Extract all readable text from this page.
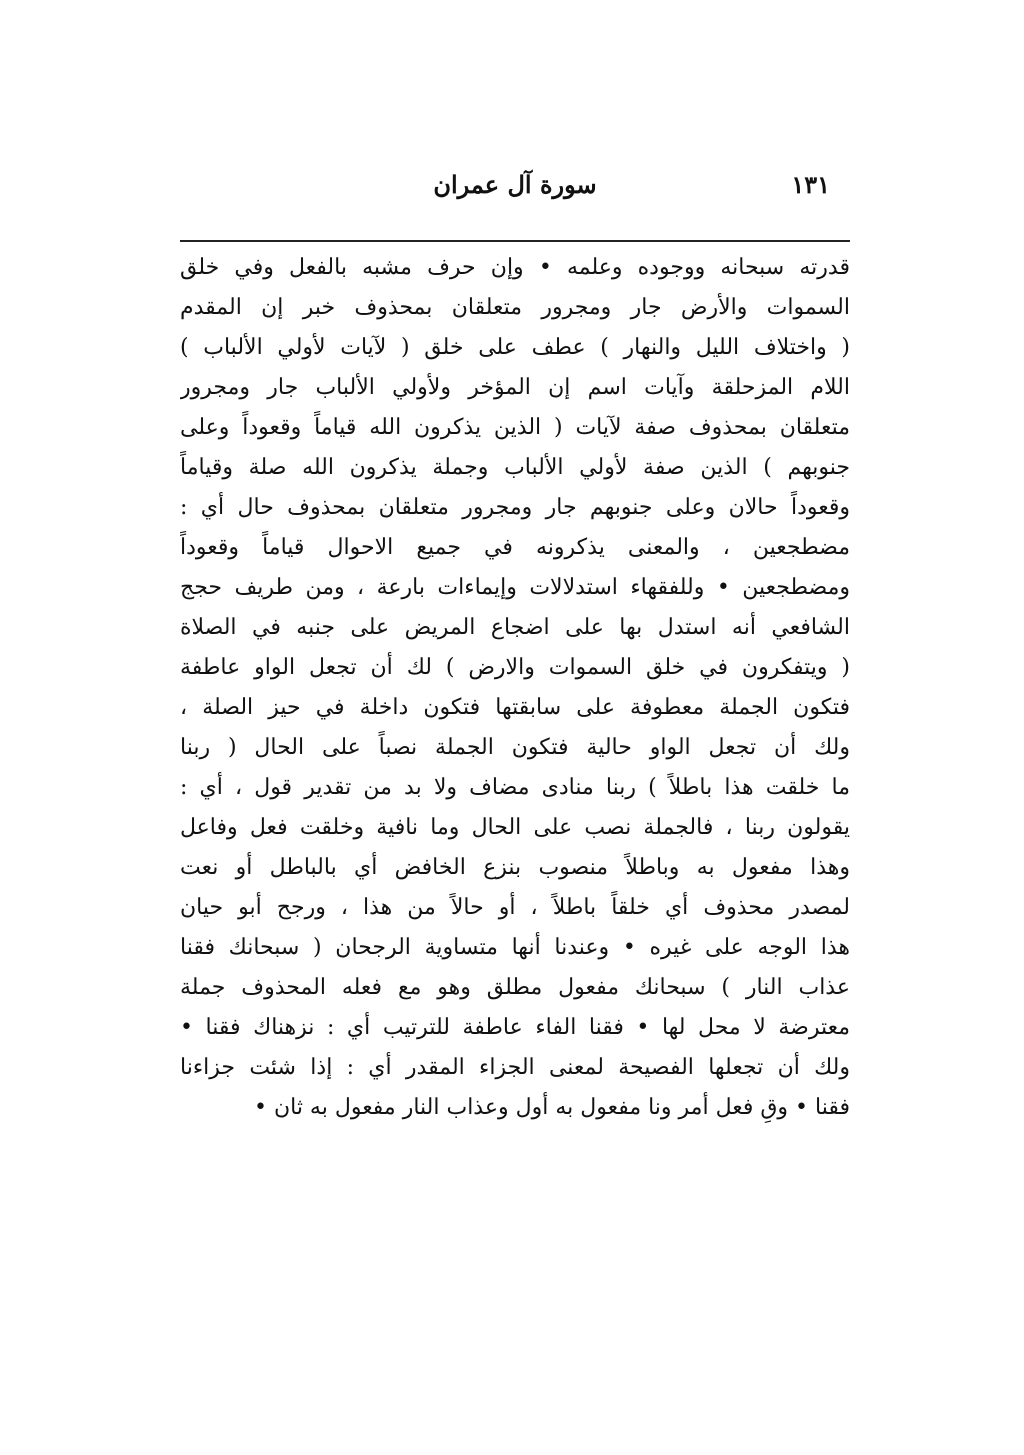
١٣١
سورة آل عمران
قدرته سبحانه ووجوده وعلمه • وإن حرف مشبه بالفعل وفي خلق
السموات والأرض جار ومجرور متعلقان بمحذوف خبر إن المقدم
( واختلاف الليل والنهار ) عطف على خلق ( لآيات لأولي الألباب )
اللام المزحلقة وآيات اسم إن المؤخر ولأولي الألباب جار ومجرور
متعلقان بمحذوف صفة لآيات ( الذين يذكرون الله قياماً وقعوداً وعلى
جنوبهم ) الذين صفة لأولي الألباب وجملة يذكرون الله صلة وقياماً
وقعوداً حالان وعلى جنوبهم جار ومجرور متعلقان بمحذوف حال أي :
مضطجعين ، والمعنى يذكرونه في جميع الاحوال قياماً وقعوداً
ومضطجعين • وللفقهاء استدلالات وإيماءات بارعة ، ومن طريف حجج
الشافعي أنه استدل بها على اضجاع المريض على جنبه في الصلاة
( ويتفكرون في خلق السموات والارض ) لك أن تجعل الواو عاطفة
فتكون الجملة معطوفة على سابقتها فتكون داخلة في حيز الصلة ،
ولك أن تجعل الواو حالية فتكون الجملة نصباً على الحال ( ربنا
ما خلقت هذا باطلاً ) ربنا منادى مضاف ولا بد من تقدير قول ، أي :
يقولون ربنا ، فالجملة نصب على الحال وما نافية وخلقت فعل وفاعل
وهذا مفعول به وباطلاً منصوب بنزع الخافض أي بالباطل أو نعت
لمصدر محذوف أي خلقاً باطلاً ، أو حالاً من هذا ، ورجح أبو حيان
هذا الوجه على غيره • وعندنا أنها متساوية الرجحان ( سبحانك فقنا
عذاب النار ) سبحانك مفعول مطلق وهو مع فعله المحذوف جملة
معترضة لا محل لها • فقنا الفاء عاطفة للترتيب أي : نزهناك فقنا •
ولك أن تجعلها الفصيحة لمعنى الجزاء المقدر أي : إذا شئت جزاءنا
فقنا • وقِ فعل أمر ونا مفعول به أول وعذاب النار مفعول به ثان •
